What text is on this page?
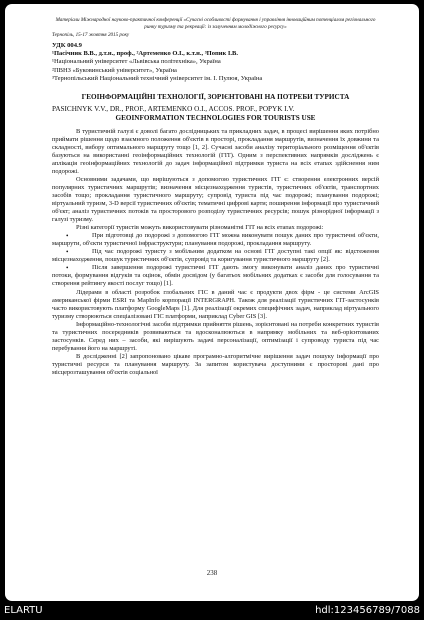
Матеріали Міжнародної науково-практичної конференції «Сучасні особливості формування і управління інноваційним потенціалом регіонального ринку туризму та рекреації: із залученням молодіжного ресурсу»

Тернопіль, 15-17 жовтня 2015 року

УДК 004.9

¹Пасічник В.В., д.т.н., проф., ²Артеменко О.І., к.т.н., ³Попик І.В.

¹Національний університет «Львівська політехніка», Україна

²ПВНЗ «Буковинський університет», Україна

³Тернопільський Національний технічний університет ім. І. Пулюя, Україна

ГЕОІНФОРМАЦІЙНІ ТЕХНОЛОГІЇ, ЗОРІЄНТОВАНІ НА ПОТРЕБИ ТУРИСТА

PASICHNYK V.V., DR., PROF., ARTEMENKO O.I., ACCOS. PROF., POPYK I.V.

GEOINFORMATION TECHNOLOGIES FOR TOURISTS USE

В туристичній галузі є доволі багато дослідницьких та прикладних задач, в процесі вирішення яких потрібно приймати рішення щодо взаємного положення об'єктів в просторі, прокладання маршрутів, визначення їх довжини та складності, вибору оптимального маршруту тощо [1, 2]. Сучасні засоби аналізу територіального розміщення об'єктів базуються на використанні геоінформаційних технологій (ГІТ). Одним з перспективних напрямків досліджень є аплікація геоінформаційних технологій до задач інформаційної підтримки туриста на всіх етапах здійснення ним подорожі.

Основними задачами, що вирішуються з допомогою туристичних ГІТ є: створення електронних версій популярних туристичних маршрутів; визначення місцезнаходження туристів, туристичних об'єктів, транспортних засобів тощо; прокладання туристичного маршруту; супровід туриста під час подорожі; планування подорожі; віртуальний туризм, 3-D версії туристичних об'єктів; тематичні цифрові карти; поширення інформації про туристичний об'єкт; аналіз туристичних потоків та просторового розподілу туристичних ресурсів; пошук різнорідної інформації з галузі туризму.

Різні категорії туристів можуть використовувати різноманітні ГІТ на всіх етапах подорожі:

•	При підготовці до подорожі з допомогою ГІТ можна виконувати пошук даних про туристичні об'єкти, маршрути, об'єкти туристичної інфраструктури; планування подорожі, прокладання маршруту.

•	Під час подорожі туристу з мобільним додатком на основі ГІТ доступні такі опції як: відстеження місцезнаходження, пошук туристичних об'єктів, супровід та коригування туристичного маршруту [2].

•	Після завершення подорожі туристичні ГІТ дають змогу виконувати аналіз даних про туристичні потоки, формування відгуків та оцінок, обмін досвідом (у багатьох мобільних додатках є засоби для голосування та створення рейтингу якості послуг тощо) [1].

Лідерами в області розробок глобальних ГІС в даний час є продукти двох фірм - це системи ArcGIS американської фірми ESRI та MapInfo корпорації INTERGRAPH. Також для реалізації туристичних ГІТ-застосунків часто використовують платформу GoogleMaps [1]. Для реалізації окремих специфічних задач, наприклад віртуального туризму створюються спеціалізовані ГІС платформи, наприклад Cyber GIS [3].

Інформаційно-технологічні засоби підтримки прийняття рішень, зорієнтовані на потреби конкретних туристів та туристичних посередників розвиваються та вдосконалюються в напрямку мобільних та веб-орієнтованих застосунків. Серед них – засоби, які вирішують задачі персоналізації, оптимізації і супроводу туриста під час перебування його на маршруті.

В дослідженні [2] запропоновано цікаве програмно-алгоритмічне вирішення задач пошуку інформації про туристичні ресурси та планування маршруту. За запитом користувача доступними є просторові дані про місцерозташування об'єктів соціальної

238
ELARTU	hdl:123456789/7088
